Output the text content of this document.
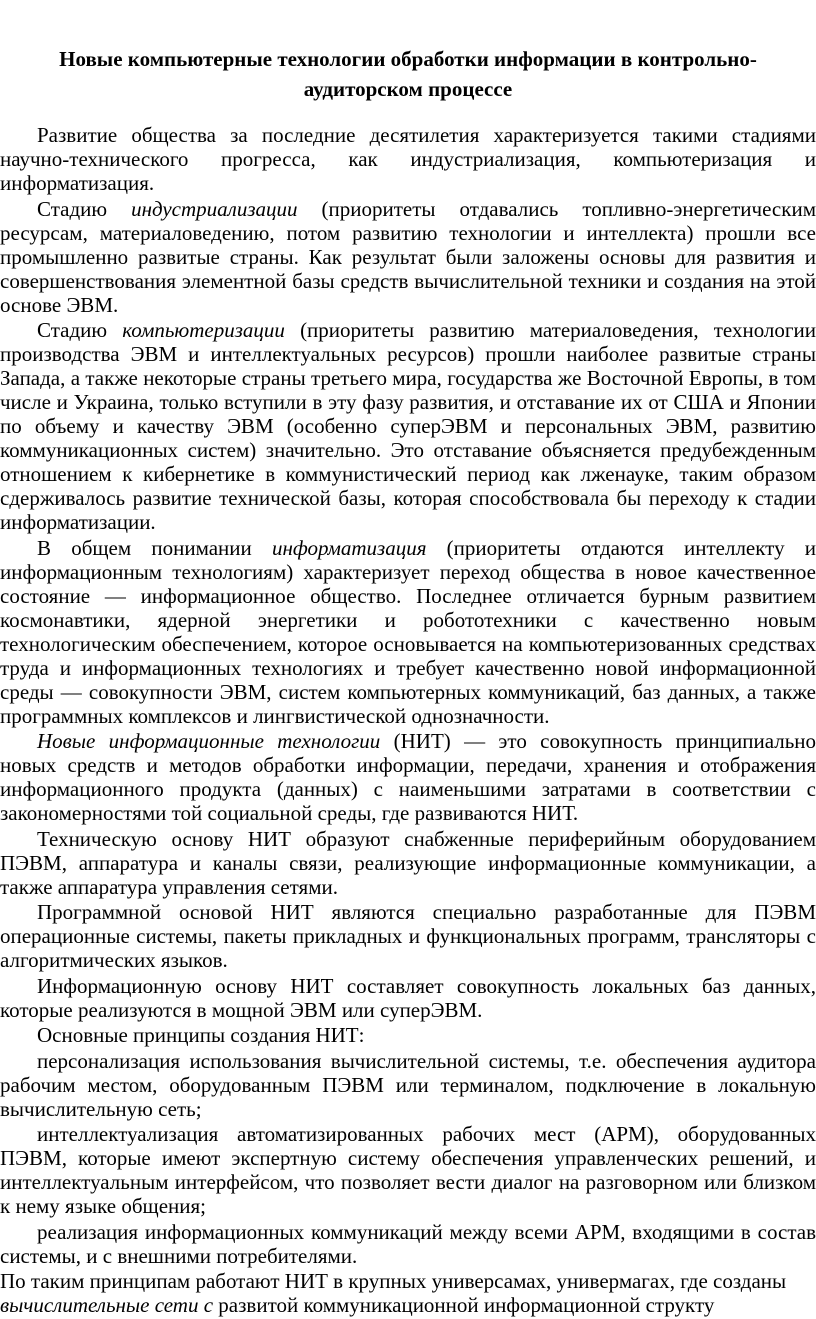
Новые компьютерные технологии обработки информации в контрольно-
аудиторском процессе

Развитие общества за последние десятилетия характеризуется такими стадиями научно-технического прогресса, как индустриализация, компьютеризация и информатизация.

Стадию индустриализации (приоритеты отдавались топливно-энергетическим ресурсам, материаловедению, потом развитию технологии и интеллекта) прошли все промышленно развитые страны. Как результат были заложены основы для развития и совершенствования элементной базы средств вычислительной техники и создания на этой основе ЭВМ.

Стадию компьютеризации (приоритеты развитию материаловедения, технологии производства ЭВМ и интеллектуальных ресурсов) прошли наиболее развитые страны Запада, а также некоторые страны третьего мира, государства же Восточной Европы, в том числе и Украина, только вступили в эту фазу развития, и отставание их от США и Японии по объему и качеству ЭВМ (особенно суперЭВМ и персональных ЭВМ, развитию коммуникационных систем) значительно. Это отставание объясняется предубежденным отношением к кибернетике в коммунистический период как лженауке, таким образом сдерживалось развитие технической базы, которая способствовала бы переходу к стадии информатизации.

В общем понимании информатизация (приоритеты отдаются интеллекту и информационным технологиям) характеризует переход общества в новое качественное состояние — информационное общество. Последнее отличается бурным развитием космонавтики, ядерной энергетики и робототехники с качественно новым технологическим обеспечением, которое основывается на компьютеризованных средствах труда и информационных технологиях и требует качественно новой информационной среды — совокупности ЭВМ, систем компьютерных коммуникаций, баз данных, а также программных комплексов и лингвистической однозначности.

Новые информационные технологии (НИТ) — это совокупность принципиально новых средств и методов обработки информации, передачи, хранения и отображения информационного продукта (данных) с наименьшими затратами в соответствии с закономерностями той социальной среды, где развиваются НИТ.

Техническую основу НИТ образуют снабженные периферийным оборудованием ПЭВМ, аппаратура и каналы связи, реализующие информационные коммуникации, а также аппаратура управления сетями.

Программной основой НИТ являются специально разработанные для ПЭВМ операционные системы, пакеты прикладных и функциональных программ, трансляторы с алгоритмических языков.

Информационную основу НИТ составляет совокупность локальных баз данных, которые реализуются в мощной ЭВМ или суперЭВМ.

Основные принципы создания НИТ:

персонализация использования вычислительной системы, т.е. обеспечения аудитора рабочим местом, оборудованным ПЭВМ или терминалом, подключение в локальную вычислительную сеть;

интеллектуализация автоматизированных рабочих мест (АРМ), оборудованных ПЭВМ, которые имеют экспертную систему обеспечения управленческих решений, и интеллектуальным интерфейсом, что позволяет вести диалог на разговорном или близком к нему языке общения;

реализация информационных коммуникаций между всеми АРМ, входящими в состав системы, и с внешними потребителями.

По таким принципам работают НИТ в крупных универсамах, универмагах, где созданы
вычислительные сети с развитой коммуникационной информационной структу
